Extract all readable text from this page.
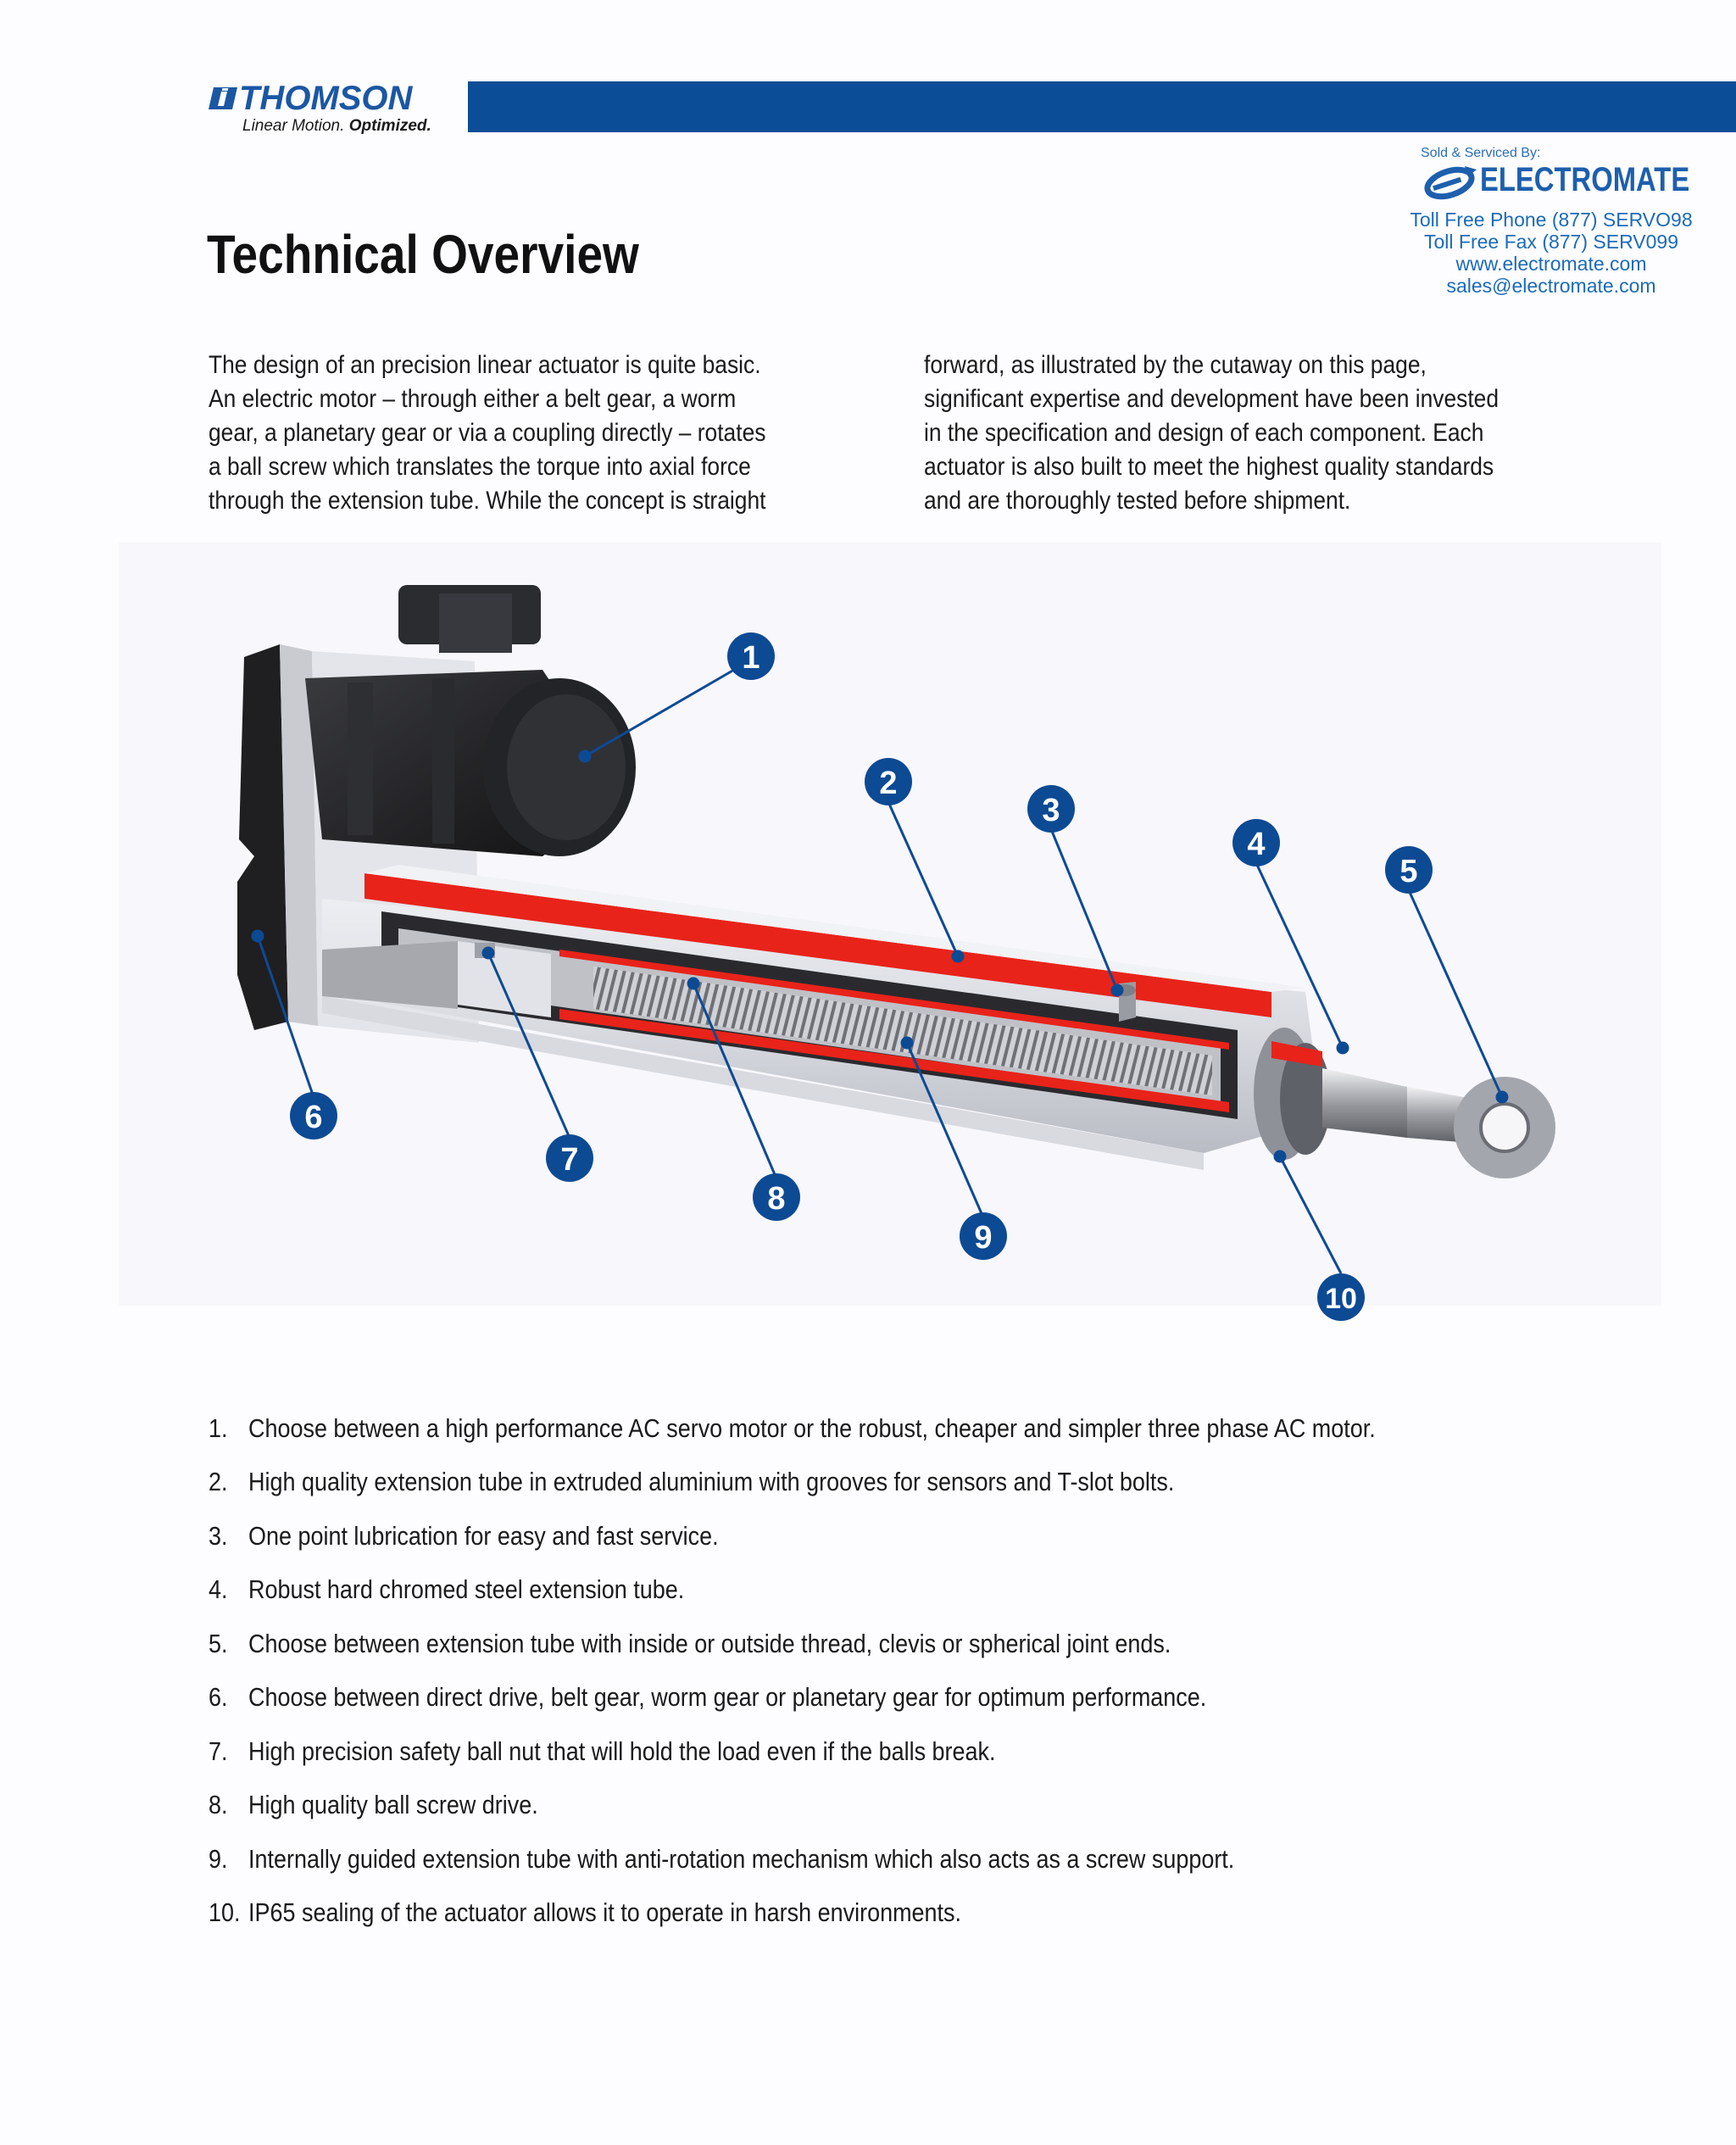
THOMSON
Linear Motion. Optimized.
Sold & Serviced By:
ELECTROMATE
Toll Free Phone (877) SERVO98
Toll Free Fax (877) SERV099
www.electromate.com
sales@electromate.com
Technical Overview
The design of an precision linear actuator is quite basic.
An electric motor – through either a belt gear, a worm
gear, a planetary gear or via a coupling directly – rotates
a ball screw which translates the torque into axial force
through the extension tube. While the concept is straight
forward, as illustrated by the cutaway on this page,
significant expertise and development have been invested
in the specification and design of each component. Each
actuator is also built to meet the highest quality standards
and are thoroughly tested before shipment.
1
2
3
4
5
6
7
8
9
10
1. Choose between a high performance AC servo motor or the robust, cheaper and simpler three phase AC motor.
2. High quality extension tube in extruded aluminium with grooves for sensors and T-slot bolts.
3. One point lubrication for easy and fast service.
4. Robust hard chromed steel extension tube.
5. Choose between extension tube with inside or outside thread, clevis or spherical joint ends.
6. Choose between direct drive, belt gear, worm gear or planetary gear for optimum performance.
7. High precision safety ball nut that will hold the load even if the balls break.
8. High quality ball screw drive.
9. Internally guided extension tube with anti-rotation mechanism which also acts as a screw support.
10. IP65 sealing of the actuator allows it to operate in harsh environments.
